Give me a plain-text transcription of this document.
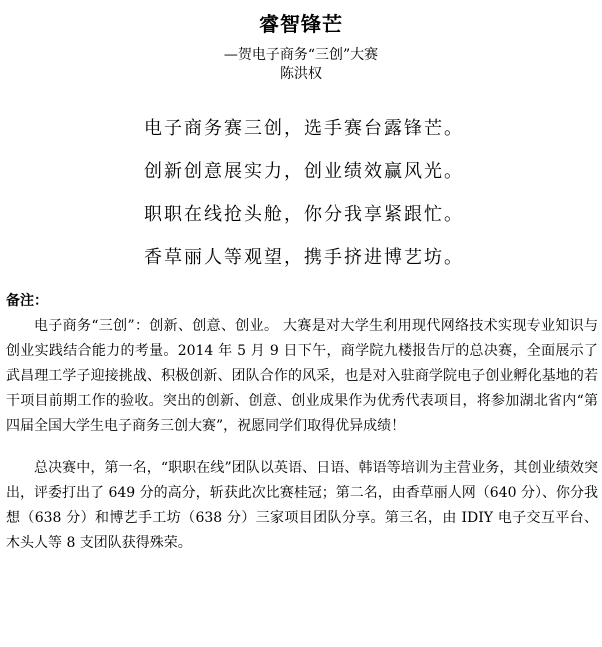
睿智锋芒
—贺电子商务“三创”大赛
陈洪权
电子商务赛三创，选手赛台露锋芒。
创新创意展实力，创业绩效赢风光。
职职在线抢头舱，你分我享紧跟忙。
香草丽人等观望，携手挤进博艺坊。
备注：

电子商务“三创”：创新、创意、创业。 大赛是对大学生利用现代网络技术实现专业知识与创业实践结合能力的考量。2014 年 5 月 9 日下午，商学院九楼报告厅的总决赛，全面展示了武昌理工学子迎接挑战、积极创新、团队合作的风采，也是对入驻商学院电子创业孵化基地的若干项目前期工作的验收。突出的创新、创意、创业成果作为优秀代表项目，将参加湖北省内“第四届全国大学生电子商务三创大赛”，祝愿同学们取得优异成绩！

总决赛中，第一名，“职职在线”团队以英语、日语、韩语等培训为主营业务，其创业绩效突出，评委打出了 649 分的高分，斩获此次比赛桂冠；第二名，由香草丽人网（640 分）、你分我想（638 分）和博艺手工坊（638 分）三家项目团队分享。第三名，由 IDIY 电子交互平台、木头人等 8 支团队获得殊荣。
